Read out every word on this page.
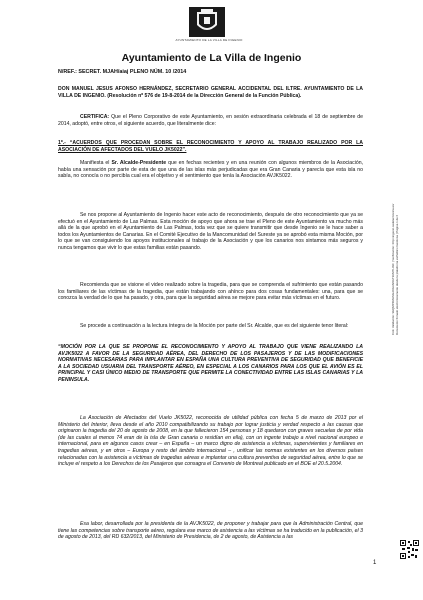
AYUNTAMIENTO DE LA VILLA DE INGENIO
Ayuntamiento de La Villa de Ingenio
N/REF.: SECRET. MJAH/aiaj PLENO NÚM. 10 /2014

DON MANUEL JESUS AFONSO HERNÁNDEZ, SECRETARIO GENERAL ACCIDENTAL DEL ILTRE. AYUNTAMIENTO DE LA VILLA DE INGENIO. (Resolución nº 576 de 19-8-2014 de la Dirección General de la Función Pública).

CERTIFICA: Que el Pleno Corporativo de este Ayuntamiento, en sesión extraordinaria celebrada el 18 de septiembre de 2014, adoptó, entre otros, el siguiente acuerdo, que literalmente dice:

1º.- “ACUERDOS QUE PROCEDAN SOBRE EL RECONOCIMIENTO Y APOYO AL TRABAJO REALIZADO POR LA ASOCIACIÓN DE AFECTADOS DEL VUELO JK5022”.

Manifiesta el Sr. Alcalde-Presidente que en fechas recientes y en una reunión con algunos miembros de la Asociación, había una sensación por parte de esta de que una de las islas más perjudicadas que era Gran Canaria y parecía que esta isla no sabía, no conocía o no percibía cual era el objetivo y el sentimiento que tenía la Asociación AVJK5022.

Se nos propone al Ayuntamiento de Ingenio hacer este acto de reconocimiento, después de otro reconocimiento que ya se efectuó en el Ayuntamiento de Las Palmas. Esta moción de apoyo que ahora se trae el Pleno de este Ayuntamiento va mucho más allá de la que aprobó en el Ayuntamiento de Las Palmas, toda vez que se quiere transmitir que desde Ingenio se le hace saber a todos los Ayuntamientos de Canarias. En el Comité Ejecutivo de la Mancomunidad del Sureste ya se aprobó esta misma Moción, por lo que se van consiguiendo los apoyos institucionales al trabajo de la Asociación y que los canarios nos sintamos más seguros y nunca tengamos que vivir lo que estas familias están pasando.

Recomienda que se visione el video realizado sobre la tragedia, para que se comprenda el sufrimiento que están pasando los familiares de las víctimas de la tragedia, que están trabajando con ahínco para dos cosas fundamentales: una, para que se conozca la verdad de lo que ha pasado, y otra, para que la seguridad aérea se mejore para evitar más víctimas en el futuro.

Se procede a continuación a la lectura íntegra de la Moción por parte del Sr. Alcalde, que es del siguiente tenor literal:

“MOCIÓN POR LA QUE SE PROPONE EL RECONOCIMIENTO Y APOYO AL TRABAJO QUE VIENE REALIZANDO LA AVJK5022 A FAVOR DE LA SEGURIDAD AÉREA, DEL DERECHO DE LOS PASAJEROS Y DE LAS MODIFICACIONES NORMATIVAS NECESARIAS PARA IMPLANTAR EN ESPAÑA UNA CULTURA PREVENTIVA DE SEGURIDAD QUE BENEFICIE A LA SOCIEDAD USUARIA DEL TRANSPORTE AÉREO, EN ESPECIAL A LOS CANARIOS PARA LOS QUE EL AVIÓN ES EL PRINCIPAL Y CASI ÚNICO MEDIO DE TRANSPORTE QUE PERMITE LA CONECTIVIDAD ENTRE LAS ISLAS CANARIAS Y LA PENINSULA.

La Asociación de Afectados del Vuelo JK5022, reconocida de utilidad pública con fecha 5 de marzo de 2013 por el Ministerio del Interior, lleva desde el año 2010 compatibilizando su trabajo por lograr justicia y verdad respecto a las causas que originaron la tragedia del 20 de agosto de 2008, en la que fallecieron 154 personas y 18 quedaron con graves secuelas de por vida (de las cuales al menos 74 eran de la isla de Gran canaria o residían en ella), con un ingente trabajo a nivel nacional europeo e internacional, para en algunos casos crear – en España – un marco digno de asistencia a víctimas, supervivientes y familiares en tragedias aéreas, y en otros – Europa y resto del ámbito internacional – , unificar las normas existentes en los diversos países relacionadas con la asistencia a víctimas de tragedias aéreas e implantar una cultura preventiva de seguridad aérea, entre lo que se incluye el respeto a los Derechos de los Pasajeros que consagra el Convenio de Montreal publicado en el BOE el 20.5.2004.

Esa labor, desarrollada por la presidenta de la AVJK5022, de proponer y trabajar para que la Administración Central, que tiene las competencias sobre transporte aéreo, regulara ese marco de asistencia a las víctimas se ha traducido en la publicación, el 3 de agosto de 2013, del RD 632/2013, del Ministerio de Presidencia, de 2 de agosto, de Asistencia a las

Cód. Validación: 9EQMPFMHSGA9GAN6GT3KMTL49F | Verificación: http://ingenio.sedelectronica.es/ Documento firmado electrónicamente desde la plataforma esPublico Gestiona | Página 1 de 6
1
